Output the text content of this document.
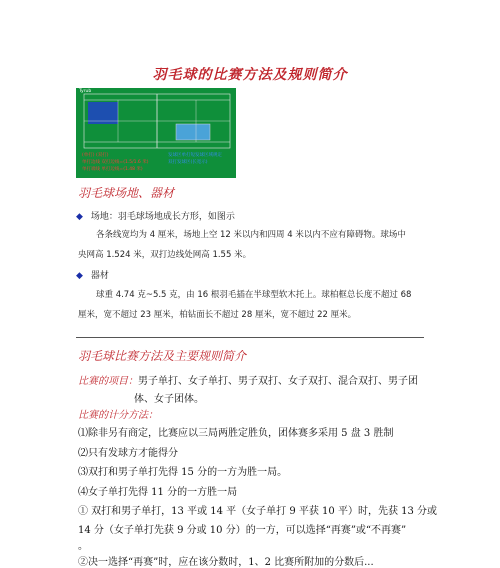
羽毛球的比赛方法及规则简介
Tyrub
(单打) (双打)
单打边线 双打边线=(1.5/1.6 米)
单打端线 单打边线=(1.48 米)
发球区单打短发球区域规定
双打发球区(长宽示)
羽毛球场地、器材
◆ 场地：羽毛球场地成长方形，如图示
各条线宽均为 4 厘米，场地上空 12 米以内和四周 4 米以内不应有障碍物。球场中
央网高 1.524 米，双打边线处网高 1.55 米。
◆ 器材
球重 4.74 克~5.5 克，由 16 根羽毛插在半球型软木托上。球柏框总长度不超过 68
厘米，宽不超过 23 厘米，柏钻面长不超过 28 厘米，宽不超过 22 厘米。
羽毛球比赛方法及主要规则简介
比赛的项目：男子单打、女子单打、男子双打、女子双打、混合双打、男子团
体、女子团体。
比赛的计分方法：
⑴除非另有商定，比赛应以三局两胜定胜负，团体赛多采用 5 盘 3 胜制
⑵只有发球方才能得分
⑶双打和男子单打先得 15 分的一方为胜一局。
⑷女子单打先得 11 分的一方胜一局
① 双打和男子单打，13 平或 14 平（女子单打 9 平获 10 平）时，先获 13 分或
14 分（女子单打先获 9 分或 10 分）的一方，可以选择“再赛”或“不再赛”
。
②决一选择“再赛”时，应在该分数时，1、2 比赛所附加的分数后...
